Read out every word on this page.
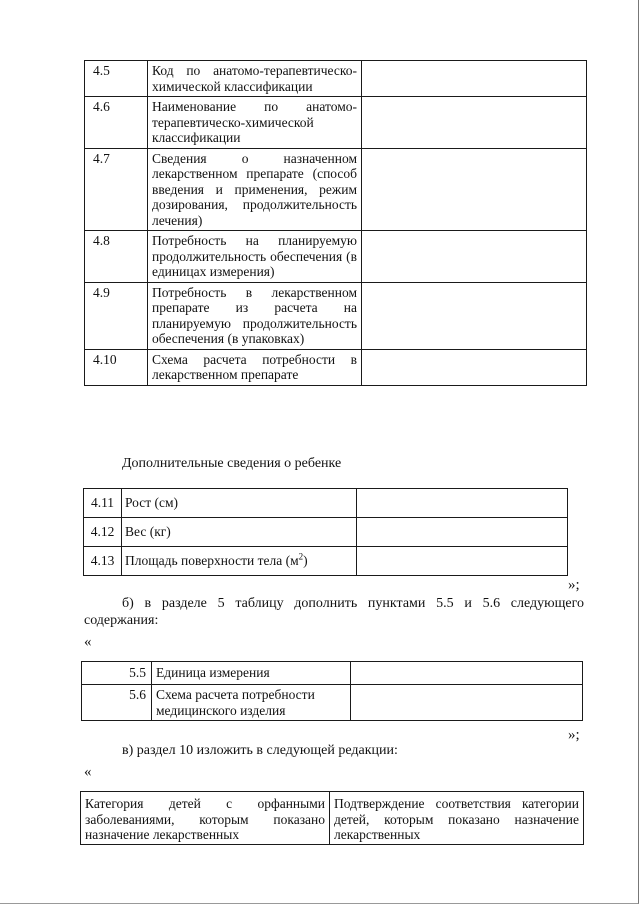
4.5	Код по анатомо-терапевтическо-химической классификации	
4.6	Наименование по анатомо-терапевтическо-химической классификации	
4.7	Сведения о назначенном лекарственном препарате (способ введения и применения, режим дозирования, продолжительность лечения)	
4.8	Потребность на планируемую продолжительность обеспечения (в единицах измерения)	
4.9	Потребность в лекарственном препарате из расчета на планируемую продолжительность обеспечения (в упаковках)	
4.10	Схема расчета потребности в лекарственном препарате	
Дополнительные сведения о ребенке
4.11	Рост (см)	
4.12	Вес (кг)	
4.13	Площадь поверхности тела $(м^2)$	
»;
б) в разделе 5 таблицу дополнить пунктами 5.5 и 5.6 следующего содержания:
«
5.5	Единица измерения	
5.6	Схема расчета потребности медицинского изделия	
»;
в) раздел 10 изложить в следующей редакции:
«
Категория детей с орфанными заболеваниями, которым показано назначение лекарственных	Подтверждение соответствия категории детей, которым показано назначение лекарственных
